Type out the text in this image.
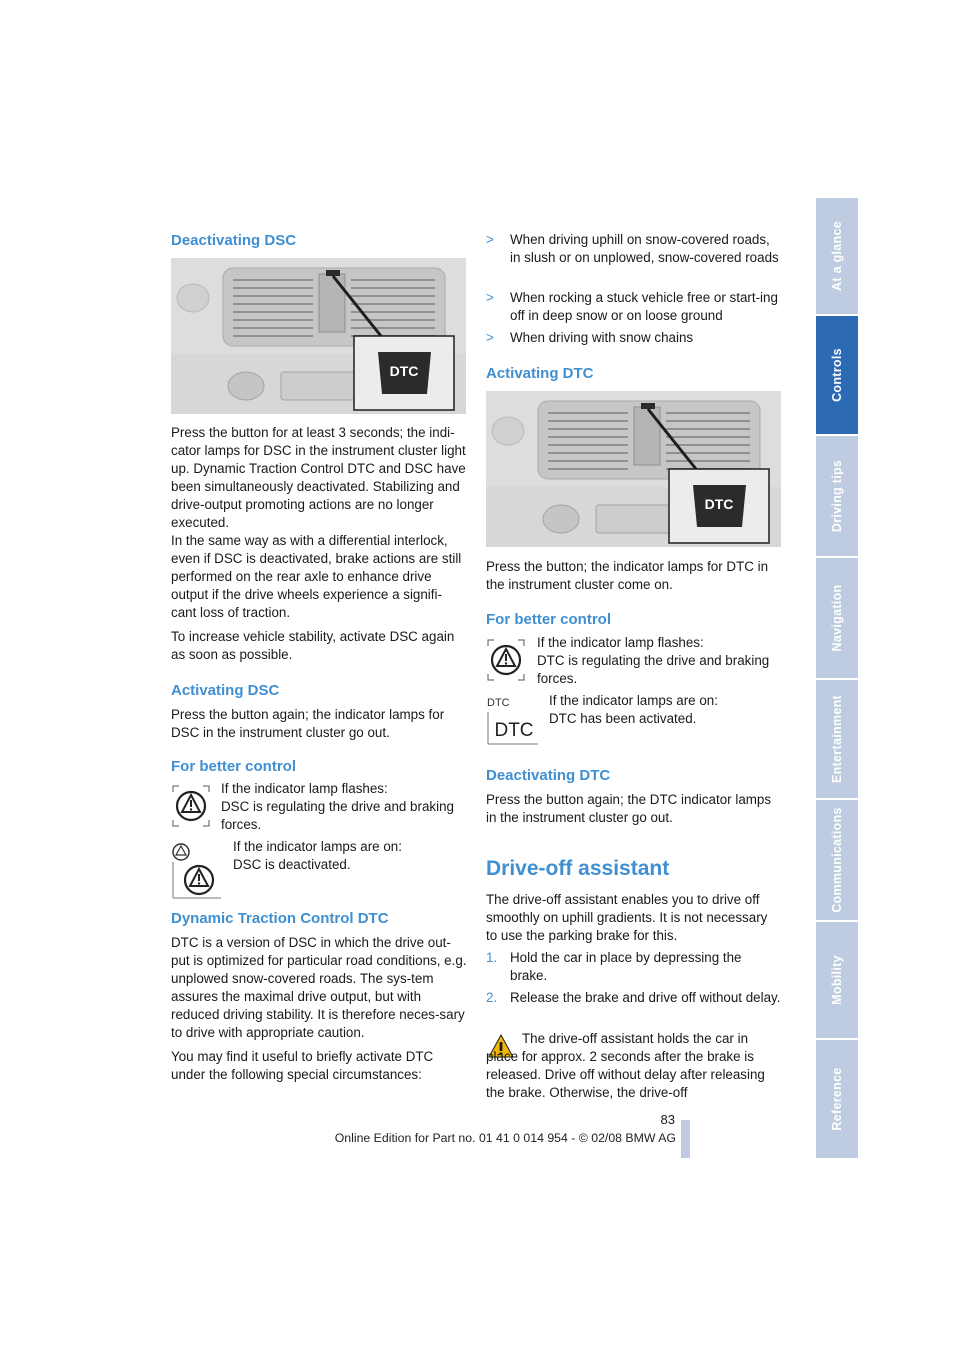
Deactivating DSC
DTC

Press the button for at least 3 seconds; the indi-cator lamps for DSC in the instrument cluster light up. Dynamic Traction Control DTC and DSC have been simultaneously deactivated. Stabilizing and drive-output promoting actions are no longer executed.

In the same way as with a differential interlock, even if DSC is deactivated, brake actions are still performed on the rear axle to enhance drive output if the drive wheels experience a signifi-cant loss of traction.

To increase vehicle stability, activate DSC again as soon as possible.

Activating DSC

Press the button again; the indicator lamps for DSC in the instrument cluster go out.

For better control
If the indicator lamp flashes:
DSC is regulating the drive and braking forces.
If the indicator lamps are on:
DSC is deactivated.
Dynamic Traction Control DTC

DTC is a version of DSC in which the drive out-put is optimized for particular road conditions, e.g. unplowed snow-covered roads. The sys-tem assures the maximal drive output, but with reduced driving stability. It is therefore neces-sary to drive with appropriate caution.

You may find it useful to briefly activate DTC under the following special circumstances:

> When driving uphill on snow-covered roads, in slush or on unplowed, snow-covered roads
> When rocking a stuck vehicle free or start-ing off in deep snow or on loose ground
> When driving with snow chains
Activating DTC
DTC

Press the button; the indicator lamps for DTC in the instrument cluster come on.

For better control
If the indicator lamp flashes:
DTC is regulating the drive and braking forces.
DTC
DTC
If the indicator lamps are on:
DTC has been activated.
Deactivating DTC

Press the button again; the DTC indicator lamps in the instrument cluster go out.

Drive-off assistant

The drive-off assistant enables you to drive off smoothly on uphill gradients. It is not necessary to use the parking brake for this.

1. Hold the car in place by depressing the brake.
2. Release the brake and drive off without delay.

The drive-off assistant holds the car in place for approx. 2 seconds after the brake is released. Drive off without delay after releasing the brake. Otherwise, the drive-off

At a glance
Controls
Driving tips
Navigation
Entertainment
Communications
Mobility
Reference
83
Online Edition for Part no. 01 41 0 014 954 - © 02/08 BMW AG
